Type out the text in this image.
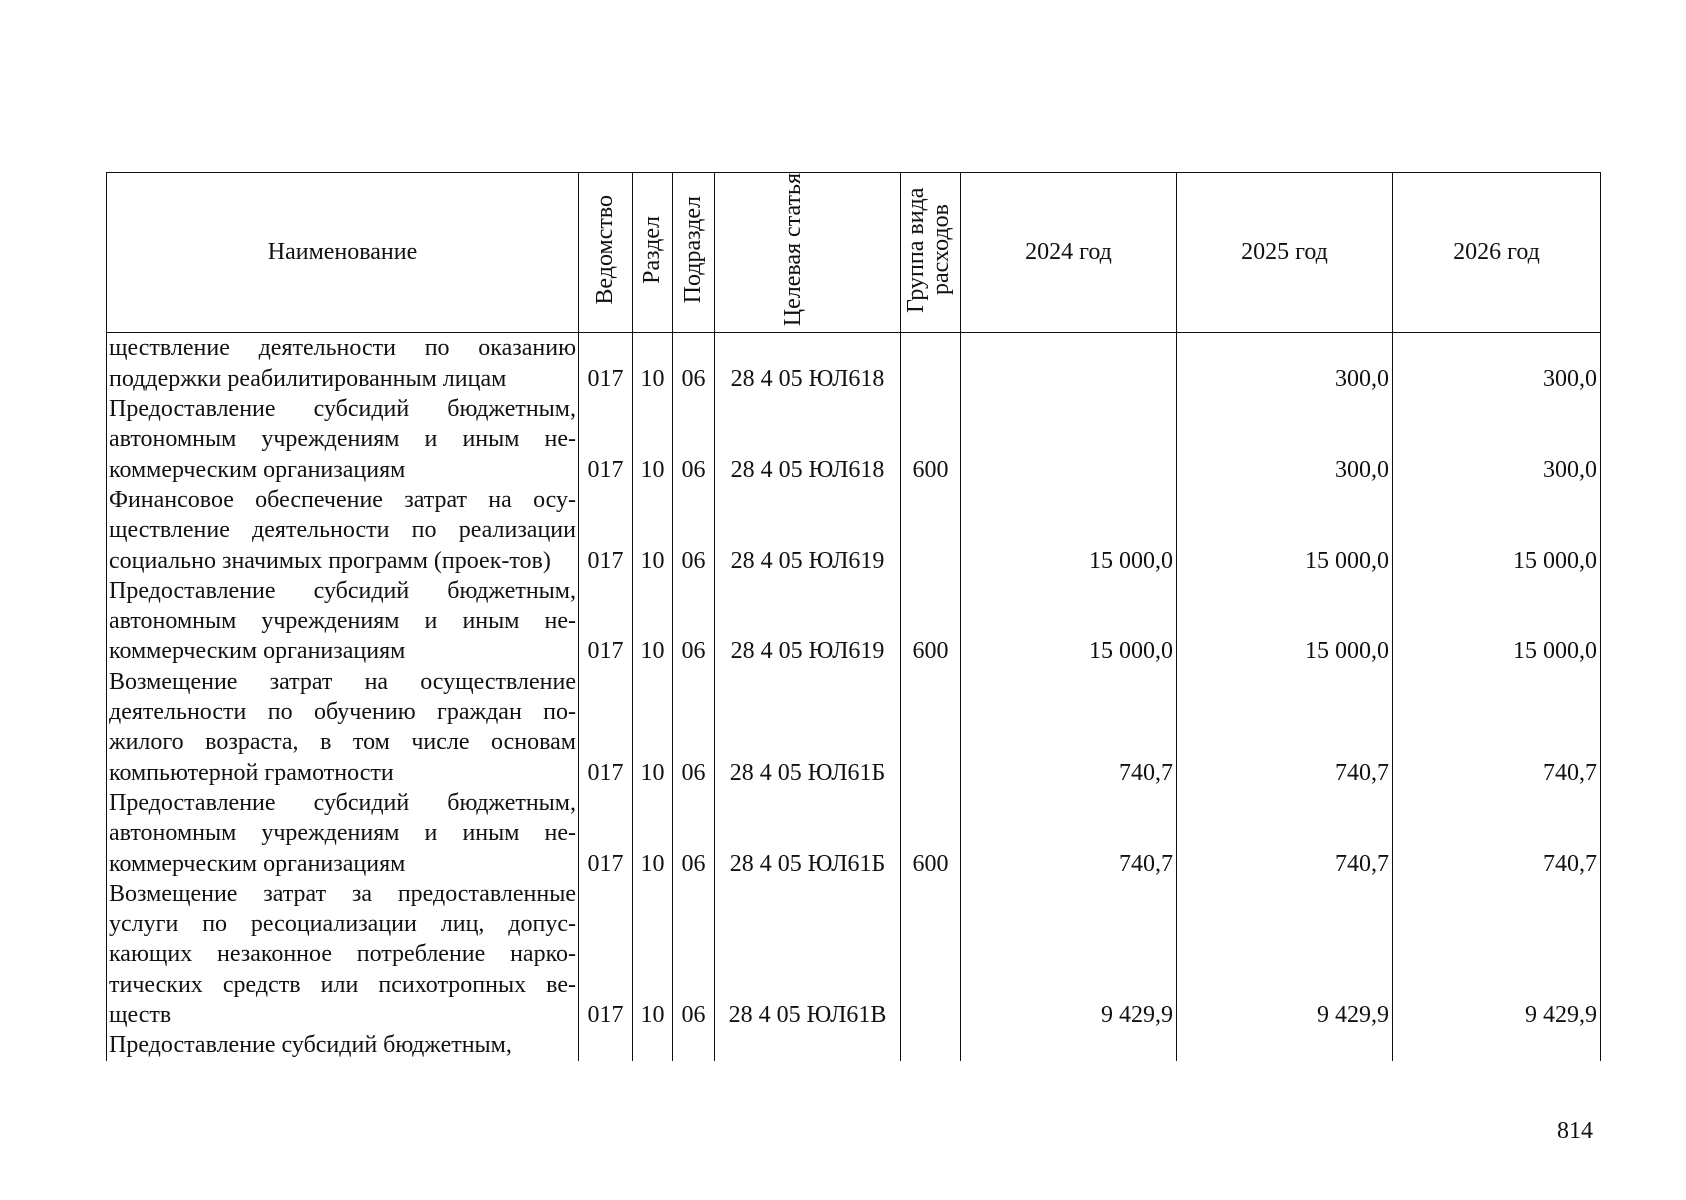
Наименование	Ведомство	Раздел	Подраздел	Целевая статья	Группа вида расходов	2024 год	2025 год	2026 год
ществление деятельности по оказанию поддержки реабилитированным лицам	017	10	06	28 4 05 ЮЛ618			300,0	300,0
Предоставление субсидий бюджетным, автономным учреждениям и иным не-коммерческим организациям	017	10	06	28 4 05 ЮЛ618	600		300,0	300,0
Финансовое обеспечение затрат на осу-ществление деятельности по реализации социально значимых программ (проек-тов)	017	10	06	28 4 05 ЮЛ619		15 000,0	15 000,0	15 000,0
Предоставление субсидий бюджетным, автономным учреждениям и иным не-коммерческим организациям	017	10	06	28 4 05 ЮЛ619	600	15 000,0	15 000,0	15 000,0
Возмещение затрат на осуществление деятельности по обучению граждан по-жилого возраста, в том числе основам компьютерной грамотности	017	10	06	28 4 05 ЮЛ61Б		740,7	740,7	740,7
Предоставление субсидий бюджетным, автономным учреждениям и иным не-коммерческим организациям	017	10	06	28 4 05 ЮЛ61Б	600	740,7	740,7	740,7
Возмещение затрат за предоставленные услуги по ресоциализации лиц, допус-кающих незаконное потребление нарко-тических средств или психотропных ве-ществ	017	10	06	28 4 05 ЮЛ61В		9 429,9	9 429,9	9 429,9
Предоставление субсидий бюджетным,								
814
